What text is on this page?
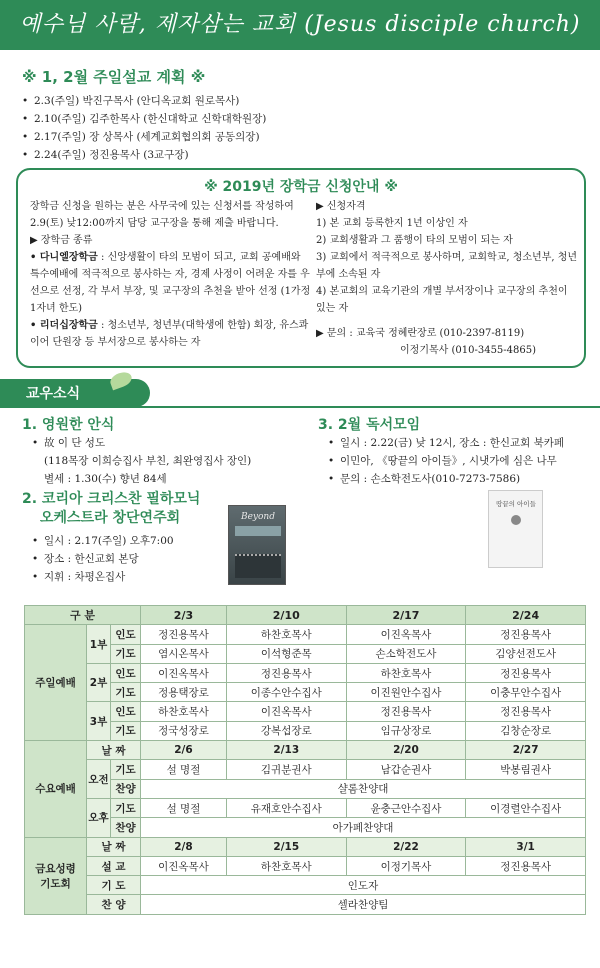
예수님 사람, 제자삼는 교회 (Jesus disciple church)
※ 1, 2월 주일설교 계획 ※
• 2.3(주일) 박진구목사 (안디옥교회 원로목사)
• 2.10(주일) 김주한목사 (한신대학교 신학대학원장)
• 2.17(주일) 장 상목사 (세계교회협의회 공동의장)
• 2.24(주일) 정진용목사 (3교구장)
※ 2019년 장학금 신청안내 ※

장학금 신청을 원하는 분은 사무국에 있는 신청서를 작성하여 2.9(토) 낮12:00까지 담당 교구장을 통해 제출 바랍니다.

▶ 장학금 종류

• 다니엘장학금 : 신앙생활이 타의 모범이 되고, 교회 공예배와 특수예배에 적극적으로 봉사하는 자, 경제 사정이 어려운 자를 우선으로 선정, 각 부서 부장, 및 교구장의 추천을 받아 선정 (1가정 1자녀 한도)

• 리더십장학금 : 청소년부, 청년부(대학생에 한함) 회장, 유스콰이어 단원장 등 부서장으로 봉사하는 자

▶ 신청자격

1) 본 교회 등록한지 1년 이상인 자

2) 교회생활과 그 품행이 타의 모범이 되는 자

3) 교회에서 적극적으로 봉사하며, 교회학교, 청소년부, 청년부에 소속된 자

4) 본교회의 교육기관의 개별 부서장이나 교구장의 추천이 있는 자

▶ 문의 : 교육국 정혜란장로 (010-2397-8119)

이정기목사 (010-3455-4865)

교우소식
1. 영원한 안식
• 故 이 단 성도
(118목장 이희승집사 부친, 최완영집사 장인)
별세 : 1.30(수) 향년 84세
2. 코리아 크리스찬 필하모닉
오케스트라 창단연주회
• 일시 : 2.17(주일) 오후7:00
• 장소 : 한신교회 본당
• 지휘 : 차평온집사
Beyond
3. 2월 독서모임
• 일시 : 2.22(금) 낮 12시, 장소 : 한신교회 북카페
• 이민아, 《땅끝의 아이들》, 시냇가에 심은 나무
• 문의 : 손소학전도사(010-7273-7586)
땅끝의 아이들
구 분			2/3	2/10	2/17	2/24
주일예배	1부	인도	정진용목사	하찬호목사	이진옥목사	정진용목사
		기도	염시온목사	이석형준목	손소학전도사	김양선전도사
	2부	인도	이진옥목사	정진용목사	하찬호목사	정진용목사
		기도	정용택장로	이종수안수집사	이진원안수집사	이충무안수집사
	3부	인도	하찬호목사	이진옥목사	정진용목사	정진용목사
		기도	정국성장로	강복섭장로	임규상장로	김창순장로
수요예배	날 짜		2/6	2/13	2/20	2/27
	오전	기도	설 명절	김귀분권사	남갑순권사	박봉림권사
		찬양	샬롬찬양대			
	오후	기도	설 명절	유재호안수집사	윤충근안수집사	이경렬안수집사
		찬양	아가페찬양대			

금요성령
기도회	날 짜		2/8	2/15	2/22	3/1
	설 교		이진옥목사	하찬호목사	이정기목사	정진용목사
	기 도		인도자			
	찬 양		셀라찬양팀			
